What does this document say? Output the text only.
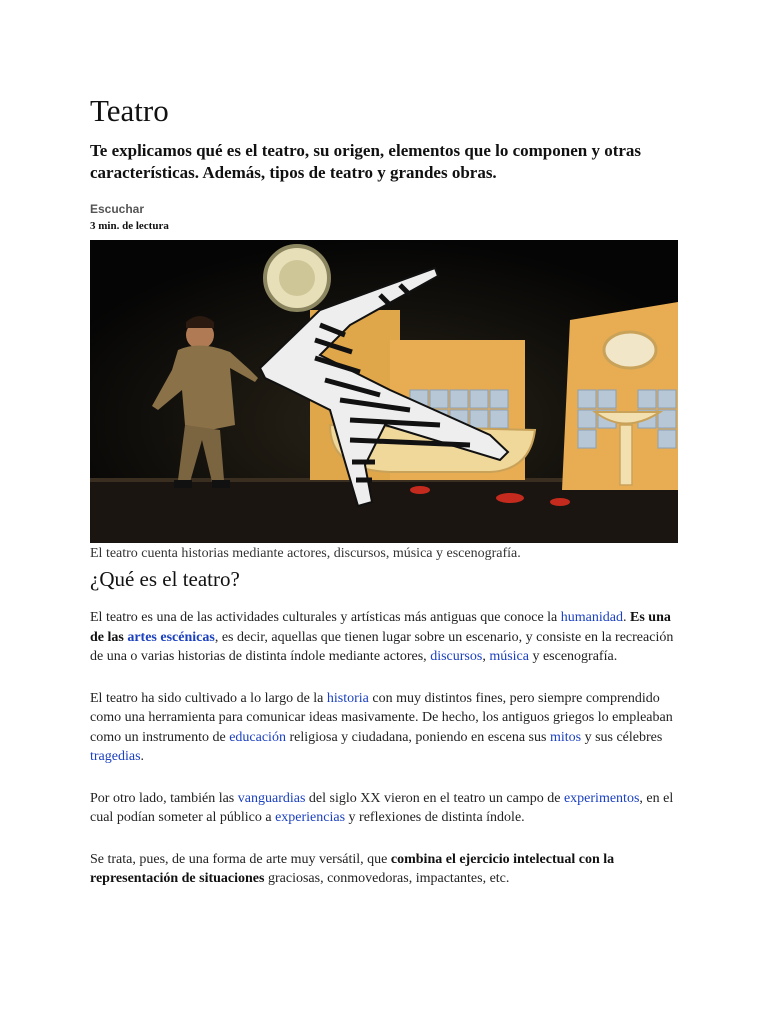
Teatro
Te explicamos qué es el teatro, su origen, elementos que lo componen y otras características. Además, tipos de teatro y grandes obras.
Escuchar
3 min. de lectura
El teatro cuenta historias mediante actores, discursos, música y escenografía.
¿Qué es el teatro?

El teatro es una de las actividades culturales y artísticas más antiguas que conoce la humanidad. Es una de las artes escénicas, es decir, aquellas que tienen lugar sobre un escenario, y consiste en la recreación de una o varias historias de distinta índole mediante actores, discursos, música y escenografía.

El teatro ha sido cultivado a lo largo de la historia con muy distintos fines, pero siempre comprendido como una herramienta para comunicar ideas masivamente. De hecho, los antiguos griegos lo empleaban como un instrumento de educación religiosa y ciudadana, poniendo en escena sus mitos y sus célebres tragedias.

Por otro lado, también las vanguardias del siglo XX vieron en el teatro un campo de experimentos, en el cual podían someter al público a experiencias y reflexiones de distinta índole.

Se trata, pues, de una forma de arte muy versátil, que combina el ejercicio intelectual con la representación de situaciones graciosas, conmovedoras, impactantes, etc.
